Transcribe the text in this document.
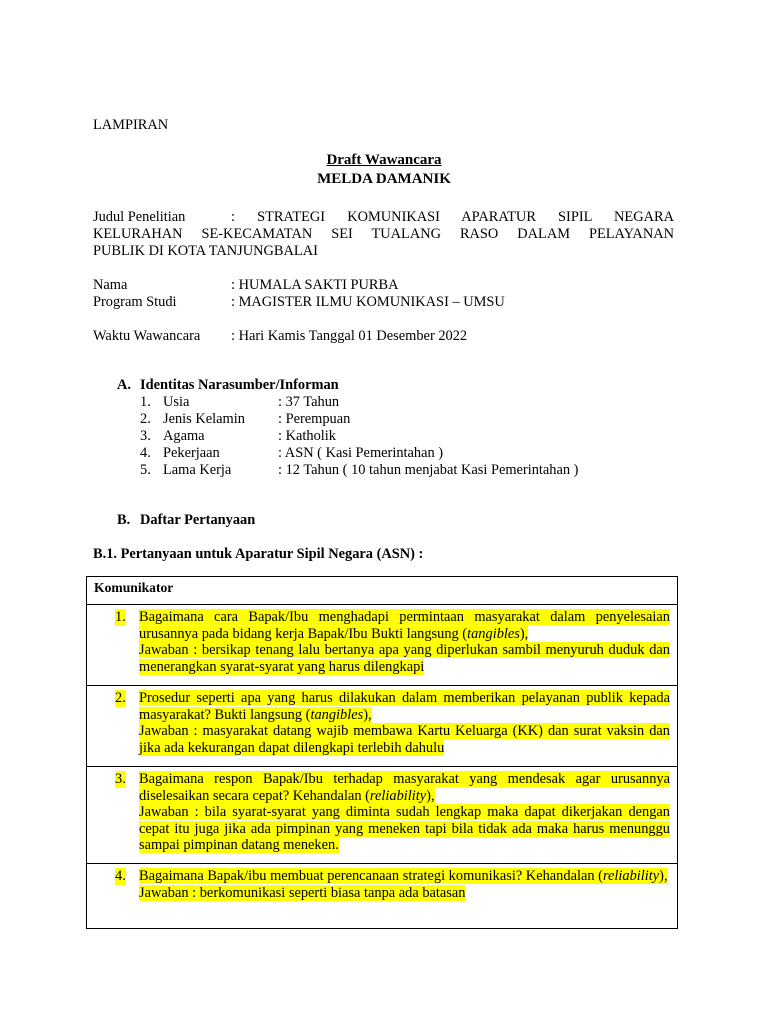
LAMPIRAN
Draft Wawancara
MELDA DAMANIK
Judul Penelitian	: STRATEGI KOMUNIKASI APARATUR SIPIL NEGARA
KELURAHAN SE-KECAMATAN SEI TUALANG RASO DALAM PELAYANAN
PUBLIK DI KOTA TANJUNGBALAI
Nama	: HUMALA SAKTI PURBA
Program Studi	: MAGISTER ILMU KOMUNIKASI – UMSU
Waktu Wawancara : Hari Kamis Tanggal 01 Desember 2022
A. Identitas Narasumber/Informan
1. Usia	: 37 Tahun
2. Jenis Kelamin : Perempuan
3. Agama	: Katholik
4. Pekerjaan	: ASN ( Kasi Pemerintahan )
5. Lama Kerja	: 12 Tahun ( 10 tahun menjabat Kasi Pemerintahan )
B. Daftar Pertanyaan
B.1. Pertanyaan untuk Aparatur Sipil Negara (ASN) :
Komunikator

1. Bagaimana cara Bapak/Ibu menghadapi permintaan masyarakat dalam penyelesaian urusannya pada bidang kerja Bapak/Ibu Bukti langsung (tangibles),

Jawaban : bersikap tenang lalu bertanya apa yang diperlukan sambil menyuruh duduk dan menerangkan syarat-syarat yang harus dilengkapi

2. Prosedur seperti apa yang harus dilakukan dalam memberikan pelayanan publik kepada masyarakat? Bukti langsung (tangibles),

Jawaban : masyarakat datang wajib membawa Kartu Keluarga (KK) dan surat vaksin dan jika ada kekurangan dapat dilengkapi terlebih dahulu

3. Bagaimana respon Bapak/Ibu terhadap masyarakat yang mendesak agar urusannya diselesaikan secara cepat? Kehandalan (reliability),

Jawaban : bila syarat-syarat yang diminta sudah lengkap maka dapat dikerjakan dengan cepat itu juga jika ada pimpinan yang meneken tapi bila tidak ada maka harus menunggu sampai pimpinan datang meneken.

4. Bagaimana Bapak/ibu membuat perencanaan strategi komunikasi? Kehandalan (reliability),

Jawaban : berkomunikasi seperti biasa tanpa ada batasan
